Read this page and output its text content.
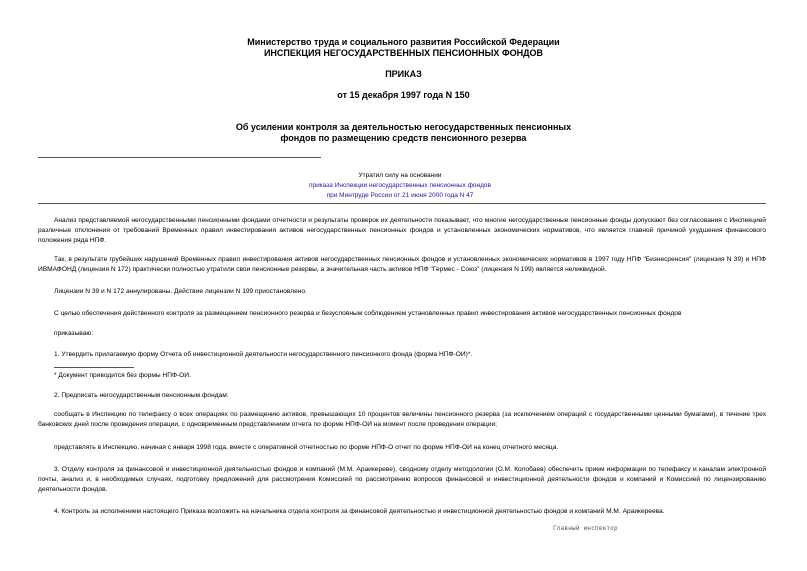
Министерство труда и социального развития Российской Федерации
ИНСПЕКЦИЯ НЕГОСУДАРСТВЕННЫХ ПЕНСИОННЫХ ФОНДОВ
ПРИКАЗ
от 15 декабря 1997 года N 150
Об усилении контроля за деятельностью негосударственных пенсионных
фондов по размещению средств пенсионного резерва
Утратил силу на основании
приказа Инспекции негосударственных пенсионных фондов
при Минтруде России от 21 июня 2000 года N 47
Анализ представляемой негосударственными пенсионными фондами отчетности и результаты проверок их деятельности показывает, что многие негосударственные пенсионные фонды допускают без согласования с Инспекцией различные отклонения от требований Временных правил инвестирования активов негосударственных пенсионных фондов и установленных экономических нормативов, что является главной причиной ухудшения финансового положения ряда НПФ.
Так, в результате грубейших нарушений Временных правил инвестирования активов негосударственных пенсионных фондов и установленных экономических нормативов в 1997 году НПФ "Бизнесpенсия" (лицензия N 39) и НПФ ИВМАФОНД (лицензия N 172) практически полностью утратили свои пенсионные резервы, а значительная часть активов НПФ "Гермес - Союз" (лицензия N 199) является неликвидной.
Лицензии N 39 и N 172 аннулированы. Действие лицензии N 199 приостановлено.
С целью обеспечения действенного контроля за размещением пенсионного резерва и безусловным соблюдением установленных правил инвестирования активов негосударственных пенсионных фондов
приказываю:
1. Утвердить прилагаемую форму Отчета об инвестиционной деятельности негосударственного пенсионного фонда (форма НПФ-ОИ)*.
* Документ приводится без формы НПФ-ОИ.
2. Предписать негосударственным пенсионным фондам:
сообщать в Инспекцию по телефаксу о всех операциях по размещению активов, превышающих 10 процентов величины пенсионного резерва (за исключением операций с государственными ценными бумагами), в течение трех банковских дней после проведения операции, с одновременным представлением отчета по форме НПФ-ОИ на момент после проведения операции;
представлять в Инспекцию, начиная с января 1998 года, вместе с оперативной отчетностью по форме НПФ-О отчет по форме НПФ-ОИ на конец отчетного месяца.
3. Отделу контроля за финансовой и инвестиционной деятельностью фондов и компаний (М.М. Араикереве), сводному отделу методологии (О.М. Колобаев) обеспечить прием информации по телефаксу и каналам электронной почты, анализ и, в необходимых случаях, подготовку предложений для рассмотрения Комиссией по рассмотрению вопросов финансовой и инвестиционной деятельности фондов и компаний и Комиссией по лицензированию деятельности фондов.
4. Контроль за исполнением настоящего Приказа возложить на начальника отдела контроля за финансовой деятельностью и инвестиционной деятельностью фондов и компаний М.М. Араикереева.
Главный инспектор
